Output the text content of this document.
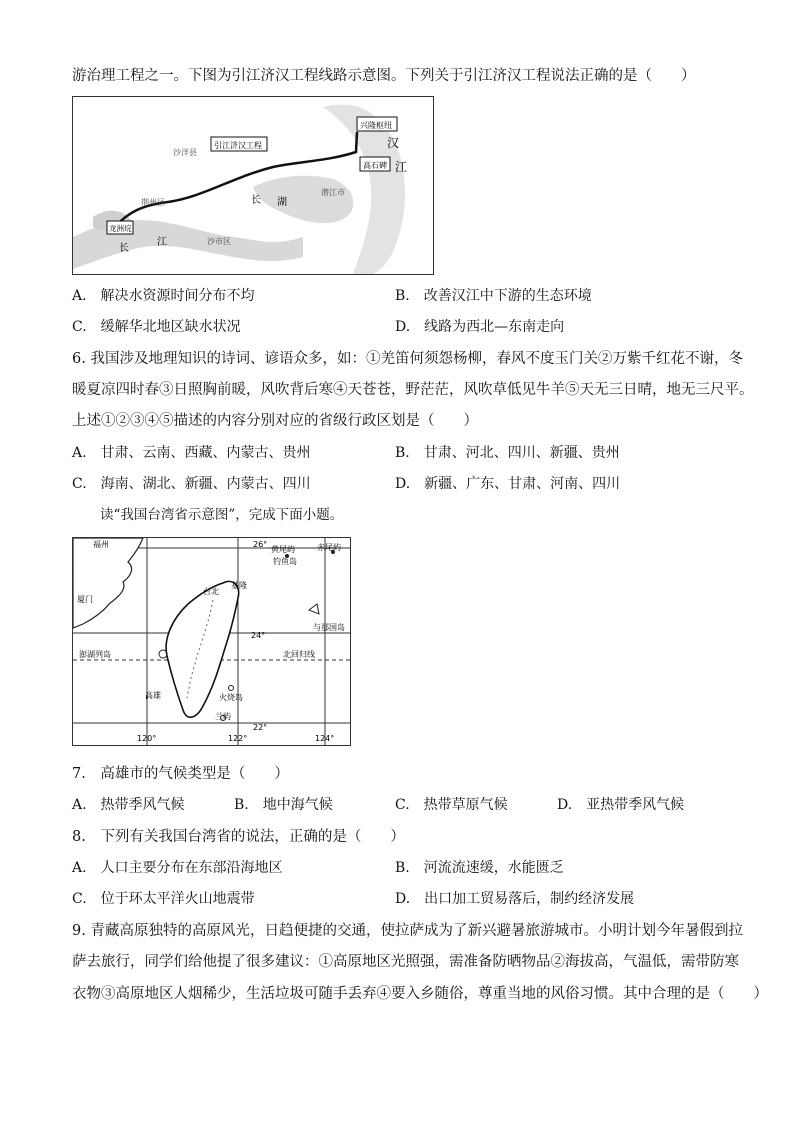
游治理工程之一。下图为引江济汉工程线路示意图。下列关于引江济汉工程说法正确的是（　　）
兴隆枢纽
高石碑
引江济汉工程
龙洲垸
汉
江
沙洋县
荆州区
长
江
长 湖
潜江市
沙市区
A.　解决水资源时间分布不均	B.　改善汉江中下游的生态环境
C.　缓解华北地区缺水状况	D.　线路为西北—东南走向
6. 我国涉及地理知识的诗词、谚语众多，如：①羌笛何须怨杨柳，春风不度玉门关②万紫千红花不谢，冬
暖夏凉四时春③日照胸前暖，风吹背后寒④天苍苍，野茫茫，风吹草低见牛羊⑤天无三日晴，地无三尺平。
上述①②③④⑤描述的内容分别对应的省级行政区划是（　　）
A.　甘肃、云南、西藏、内蒙古、贵州	B.　甘肃、河北、四川、新疆、贵州
C.　海南、湖北、新疆、内蒙古、四川	D.　新疆、广东、甘肃、河南、四川
读“我国台湾省示意图”，完成下面小题。
福州	26°
黄尾屿
钓鱼岛
赤尾屿
厦门
基隆
台北
24°
与那国岛
澎湖列岛	北回归线
火烧岛
高雄
兰屿
22°
120°	122°	124°
7.　高雄市的气候类型是（　　）
A.　热带季风气候	B.　地中海气候	C.　热带草原气候	D.　亚热带季风气候
8.　下列有关我国台湾省的说法，正确的是（　　）
A.　人口主要分布在东部沿海地区	B.　河流流速缓，水能匮乏
C.　位于环太平洋火山地震带	D.　出口加工贸易落后，制约经济发展
9. 青藏高原独特的高原风光，日趋便捷的交通，使拉萨成为了新兴避暑旅游城市。小明计划今年暑假到拉
萨去旅行，同学们给他提了很多建议：①高原地区光照强，需准备防晒物品②海拔高，气温低，需带防寒
衣物③高原地区人烟稀少，生活垃圾可随手丢弃④要入乡随俗，尊重当地的风俗习惯。其中合理的是（　　）
